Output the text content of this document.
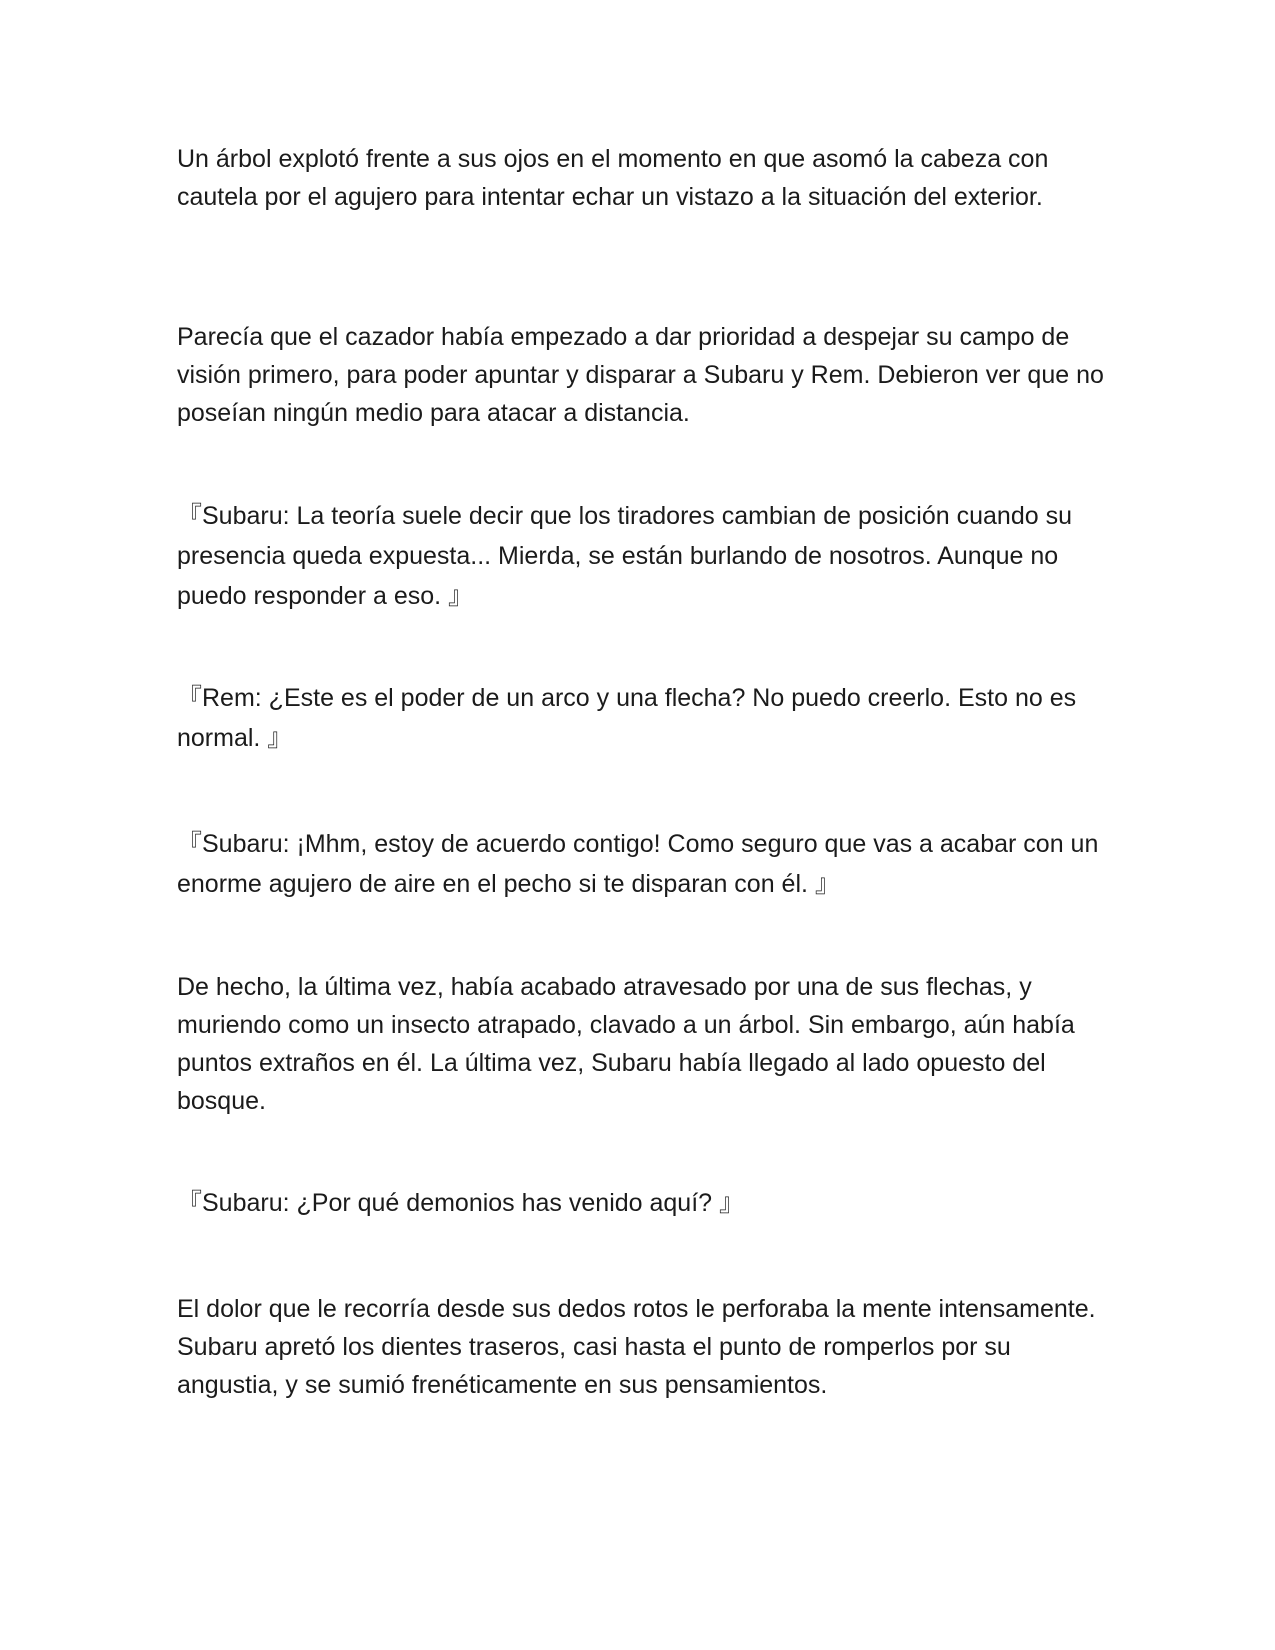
Un árbol explotó frente a sus ojos en el momento en que asomó la cabeza con cautela por el agujero para intentar echar un vistazo a la situación del exterior.

Parecía que el cazador había empezado a dar prioridad a despejar su campo de visión primero, para poder apuntar y disparar a Subaru y Rem. Debieron ver que no poseían ningún medio para atacar a distancia.

『Subaru: La teoría suele decir que los tiradores cambian de posición cuando su presencia queda expuesta... Mierda, se están burlando de nosotros. Aunque no puedo responder a eso. 』

『Rem: ¿Este es el poder de un arco y una flecha? No puedo creerlo. Esto no es normal. 』

『Subaru: ¡Mhm, estoy de acuerdo contigo! Como seguro que vas a acabar con un enorme agujero de aire en el pecho si te disparan con él. 』

De hecho, la última vez, había acabado atravesado por una de sus flechas, y muriendo como un insecto atrapado, clavado a un árbol. Sin embargo, aún había puntos extraños en él. La última vez, Subaru había llegado al lado opuesto del bosque.

『Subaru: ¿Por qué demonios has venido aquí? 』

El dolor que le recorría desde sus dedos rotos le perforaba la mente intensamente. Subaru apretó los dientes traseros, casi hasta el punto de romperlos por su angustia, y se sumió frenéticamente en sus pensamientos.
